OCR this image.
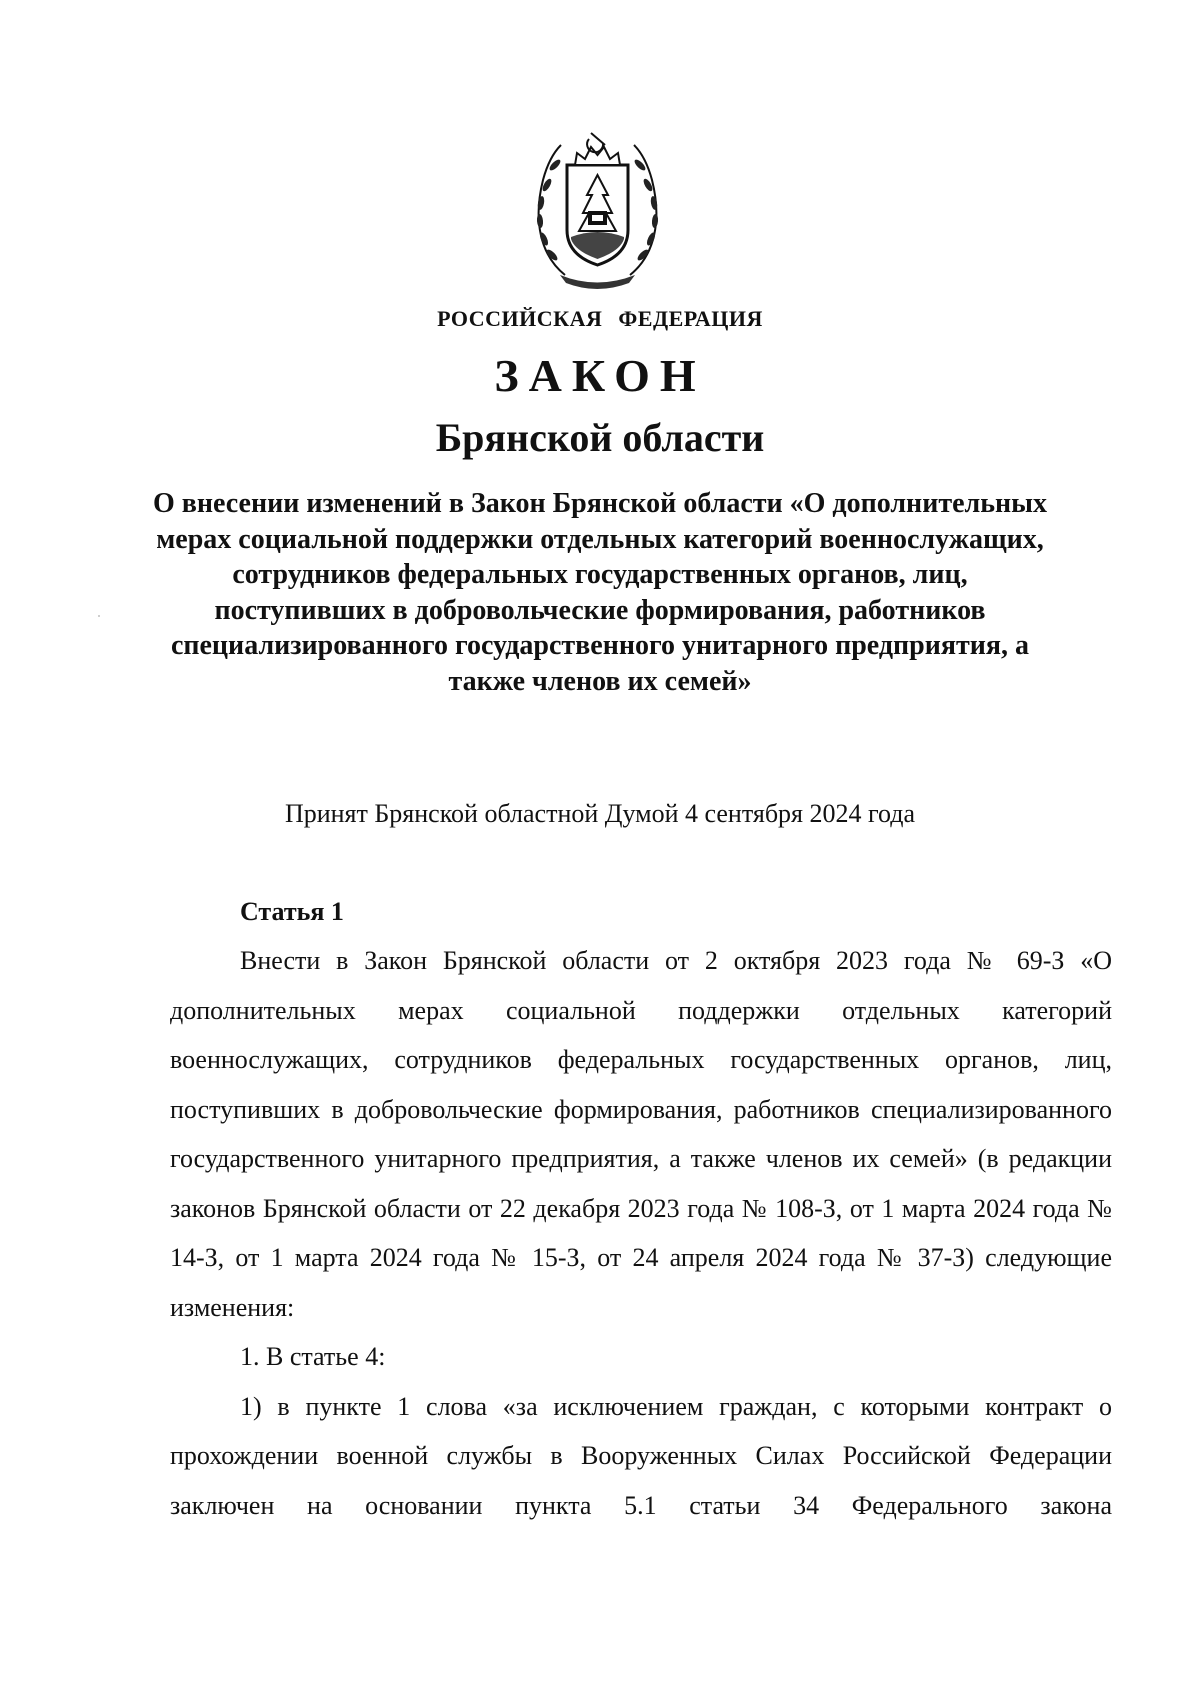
РОССИЙСКАЯ ФЕДЕРАЦИЯ
ЗАКОН
Брянской области
О внесении изменений в Закон Брянской области «О дополнительных мерах социальной поддержки отдельных категорий военнослужащих, сотрудников федеральных государственных органов, лиц, поступивших в добровольческие формирования, работников специализированного государственного унитарного предприятия, а также членов их семей»
Принят Брянской областной Думой 4 сентября 2024 года
Статья 1

Внести в Закон Брянской области от 2 октября 2023 года № 69-З «О дополнительных мерах социальной поддержки отдельных категорий военнослужащих, сотрудников федеральных государственных органов, лиц, поступивших в добровольческие формирования, работников специализированного государственного унитарного предприятия, а также членов их семей» (в редакции законов Брянской области от 22 декабря 2023 года № 108-З, от 1 марта 2024 года № 14-З, от 1 марта 2024 года № 15-З, от 24 апреля 2024 года № 37-З) следующие изменения:

1. В статье 4:

1) в пункте 1 слова «за исключением граждан, с которыми контракт о прохождении военной службы в Вооруженных Силах Российской Федерации заключен на основании пункта 5.1 статьи 34 Федерального закона
